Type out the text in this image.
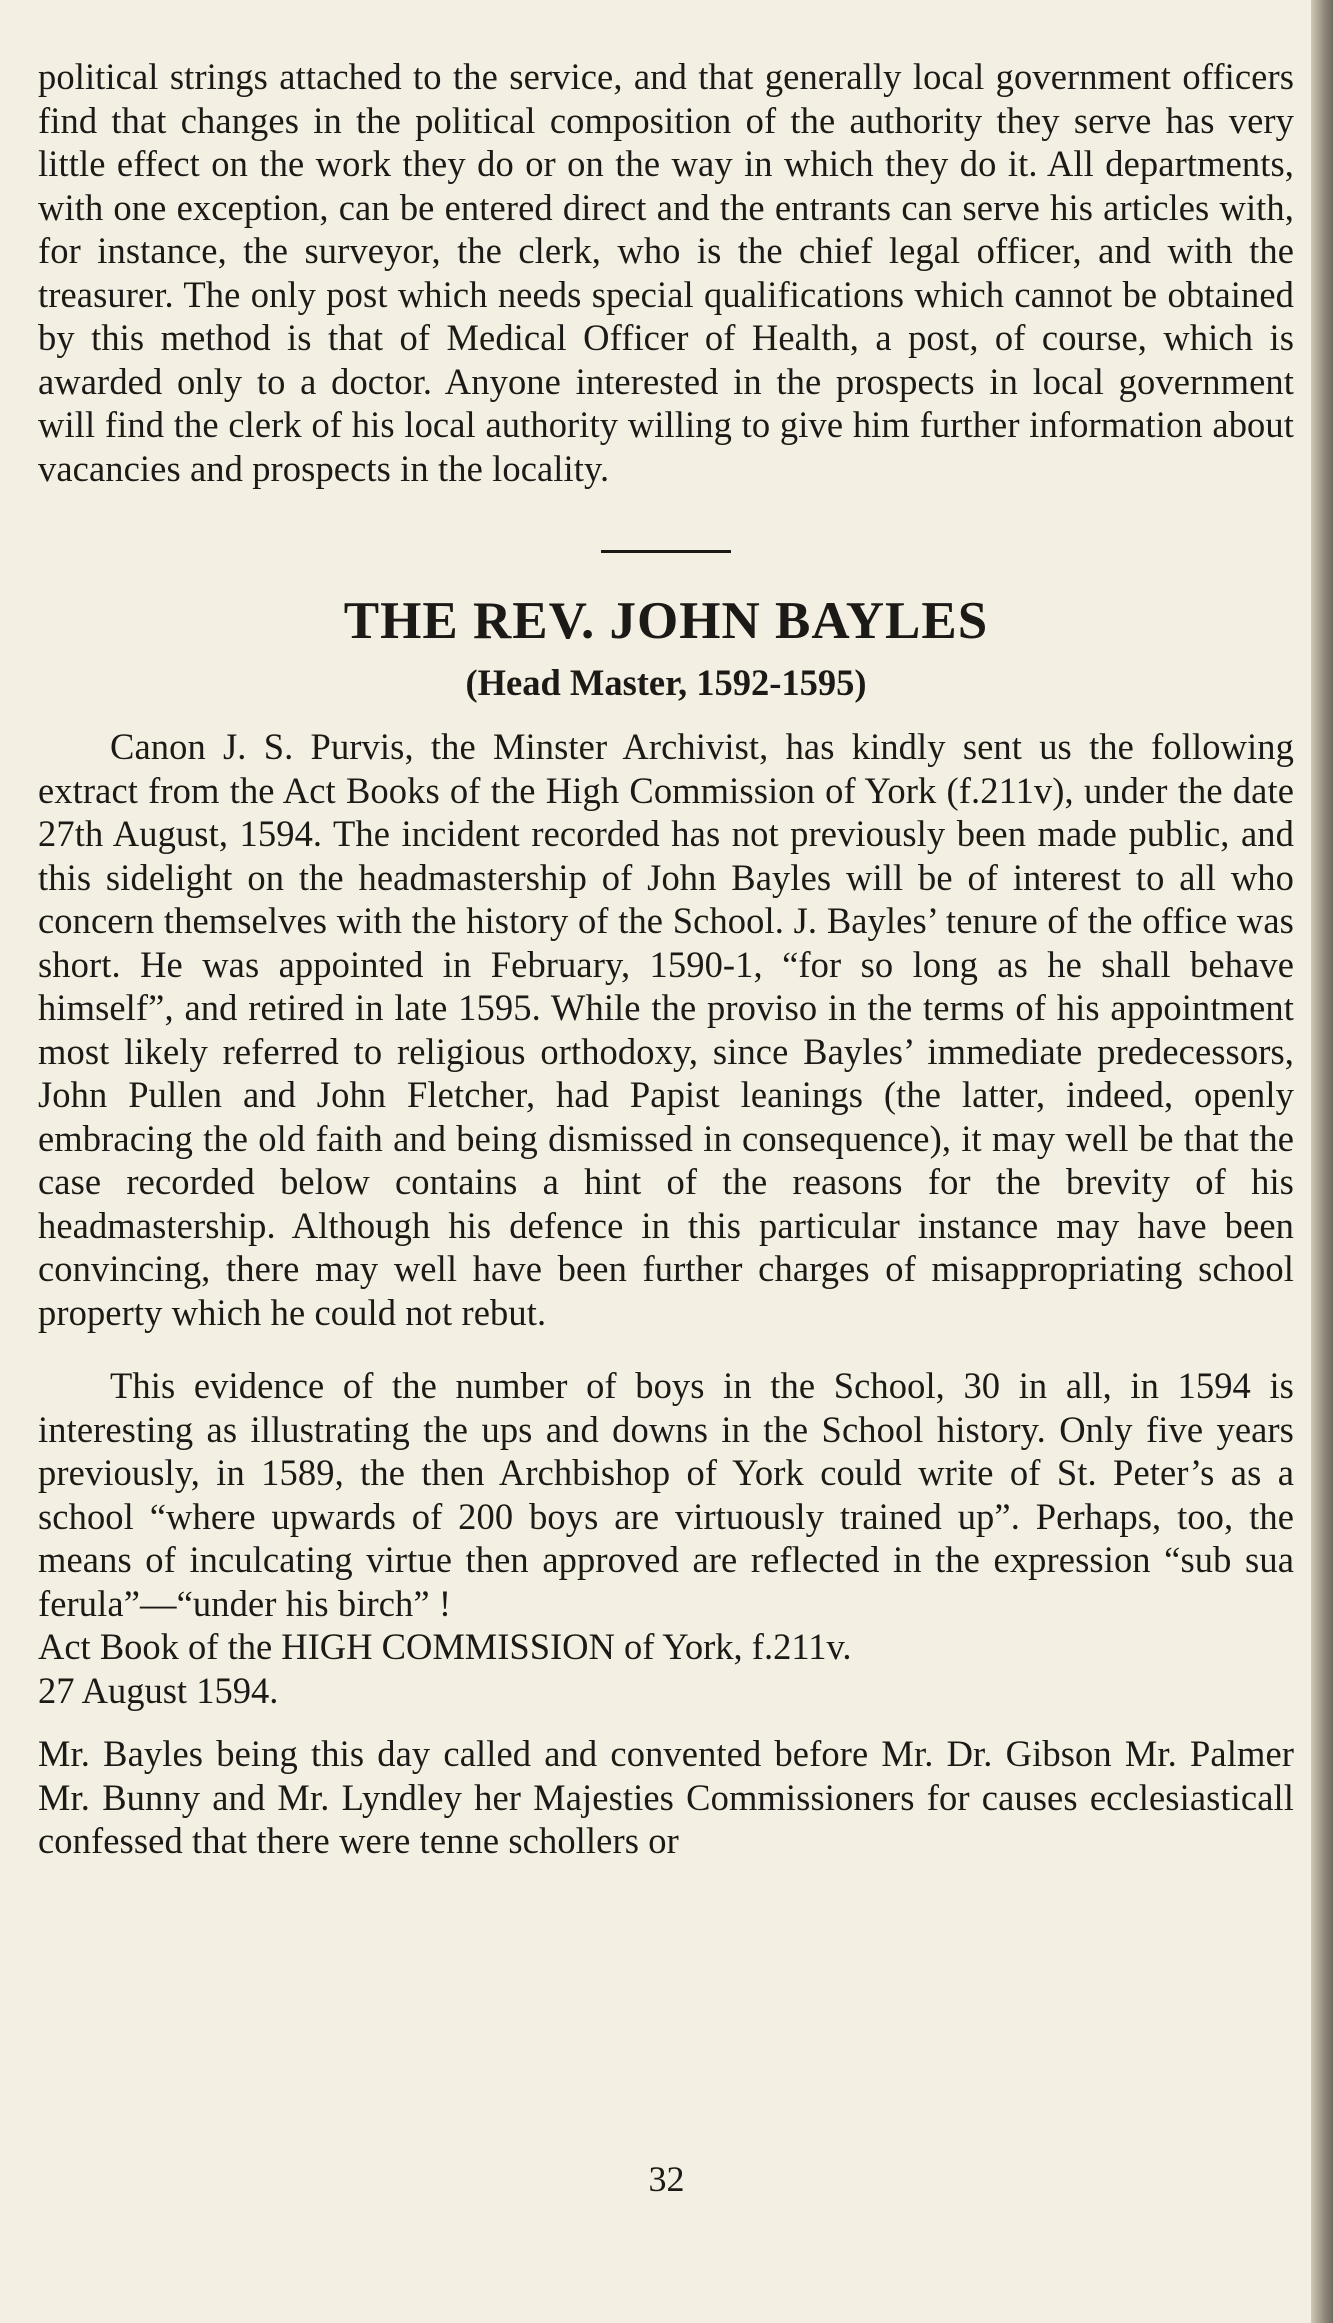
political strings attached to the service, and that generally local government officers find that changes in the political composition of the authority they serve has very little effect on the work they do or on the way in which they do it. All departments, with one exception, can be entered direct and the entrants can serve his articles with, for instance, the surveyor, the clerk, who is the chief legal officer, and with the treasurer. The only post which needs special qualifications which cannot be obtained by this method is that of Medical Officer of Health, a post, of course, which is awarded only to a doctor. Anyone interested in the prospects in local government will find the clerk of his local authority willing to give him further information about vacancies and prospects in the locality.

THE REV. JOHN BAYLES
(Head Master, 1592-1595)

Canon J. S. Purvis, the Minster Archivist, has kindly sent us the following extract from the Act Books of the High Commission of York (f.211v), under the date 27th August, 1594. The incident recorded has not previously been made public, and this sidelight on the headmastership of John Bayles will be of interest to all who concern themselves with the history of the School. J. Bayles’ tenure of the office was short. He was appointed in February, 1590-1, “for so long as he shall behave himself”, and retired in late 1595. While the proviso in the terms of his appointment most likely referred to religious orthodoxy, since Bayles’ immediate predecessors, John Pullen and John Fletcher, had Papist leanings (the latter, indeed, openly embracing the old faith and being dismissed in consequence), it may well be that the case recorded below contains a hint of the reasons for the brevity of his headmastership. Although his defence in this particular instance may have been convincing, there may well have been further charges of misappropriating school property which he could not rebut.

This evidence of the number of boys in the School, 30 in all, in 1594 is interesting as illustrating the ups and downs in the School history. Only five years previously, in 1589, the then Archbishop of York could write of St. Peter’s as a school “where upwards of 200 boys are virtuously trained up”. Perhaps, too, the means of inculcating virtue then approved are reflected in the expression “sub sua ferula”—“under his birch” !

Act Book of the HIGH COMMISSION of York, f.211v.

27 August 1594.

Mr. Bayles being this day called and convented before Mr. Dr. Gibson Mr. Palmer Mr. Bunny and Mr. Lyndley her Majesties Commissioners for causes ecclesiasticall confessed that there were tenne schollers or

32
